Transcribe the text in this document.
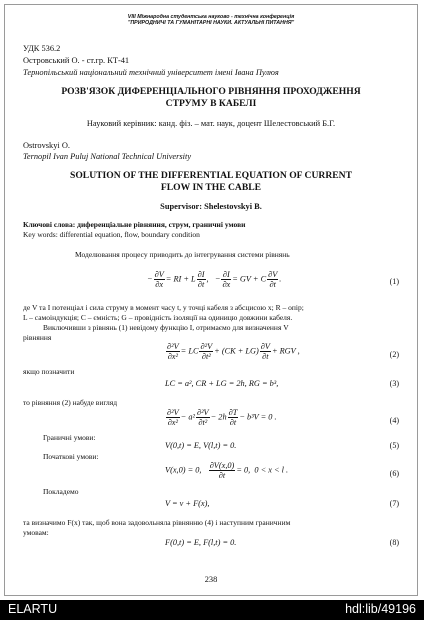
VIII Міжнародна студентська науково - технічна конференція
"ПРИРОДНИЧІ ТА ГУМАНІТАРНІ НАУКИ. АКТУАЛЬНІ ПИТАННЯ"
УДК 536.2
Островський О. - ст.гр. КТ-41
Тернопільський національний технічний університет імені Івана Пулюя
РОЗВ'ЯЗОК ДИФЕРЕНЦІАЛЬНОГО РІВНЯННЯ ПРОХОДЖЕННЯ
СТРУМУ В КАБЕЛІ
Науковий керівник: канд. фіз. – мат. наук, доцент Шелестовський Б.Г.
Ostrovskyi O.
Ternopil Ivan Puluj National Technical University
SOLUTION OF THE DIFFERENTIAL EQUATION OF CURRENT
FLOW IN THE CABLE
Supervisor: Shelestovskyi B.
Ключові слова: диференціальне рівняння, струм, граничні умови
Key words: differential equation, flow, boundary condition
Моделювання процесу приводить до інтегрування системи рівнянь
− $\frac{\partial V}{\partial x}$ = RI + L $\frac{\partial I}{\partial t}$ ,   − $\frac{\partial I}{\partial x}$ = GV + C $\frac{\partial V}{\partial t}$ .	(1)
де V та I потенціал і сила струму в момент часу t, у точці кабеля з абсцисою x; R – опір;
L – самоіндукція; C – ємність; G – провідність ізоляції на одиницю довжини кабеля.
Виключивши з рівнянь (1) невідому функцію I, отримаємо для визначення V
рівняння
$\frac{\text{∂²V}}{\text{∂x²}}$ = LC $\frac{\text{∂²V}}{\text{∂t²}} + (CK + LG) \frac{\partial V}{\partial t}$ + RGV ,	(2)
якщо позначити
LC = a², CR + LG = 2h, RG = b³,	(3)
то рівняння (2) набуде вигляд
$\frac{\text{∂²V}}{\text{∂x²}} - a^2 \frac{\text{∂²V}}{\text{∂t²}} - 2h \frac{\partial T}{\partial t} - b^3V = 0$ .	(4)
Граничні умови:
V(0,t) = E, V(l,t) = 0.	(5)
Початкові умови:
V(x,0) = 0, $\frac{\partial V(x,0)}{\partial t} = 0$,  0 < x < l .	(6)
Покладемо
V = v + F(x),	(7)
та визначимо F(x) так, щоб вона задовольняла рівнянню (4) і наступним граничним
умовам:
F(0,t) = E, F(l,t) = 0.	(8)
238
ELARTU	hdl:lib/49196
